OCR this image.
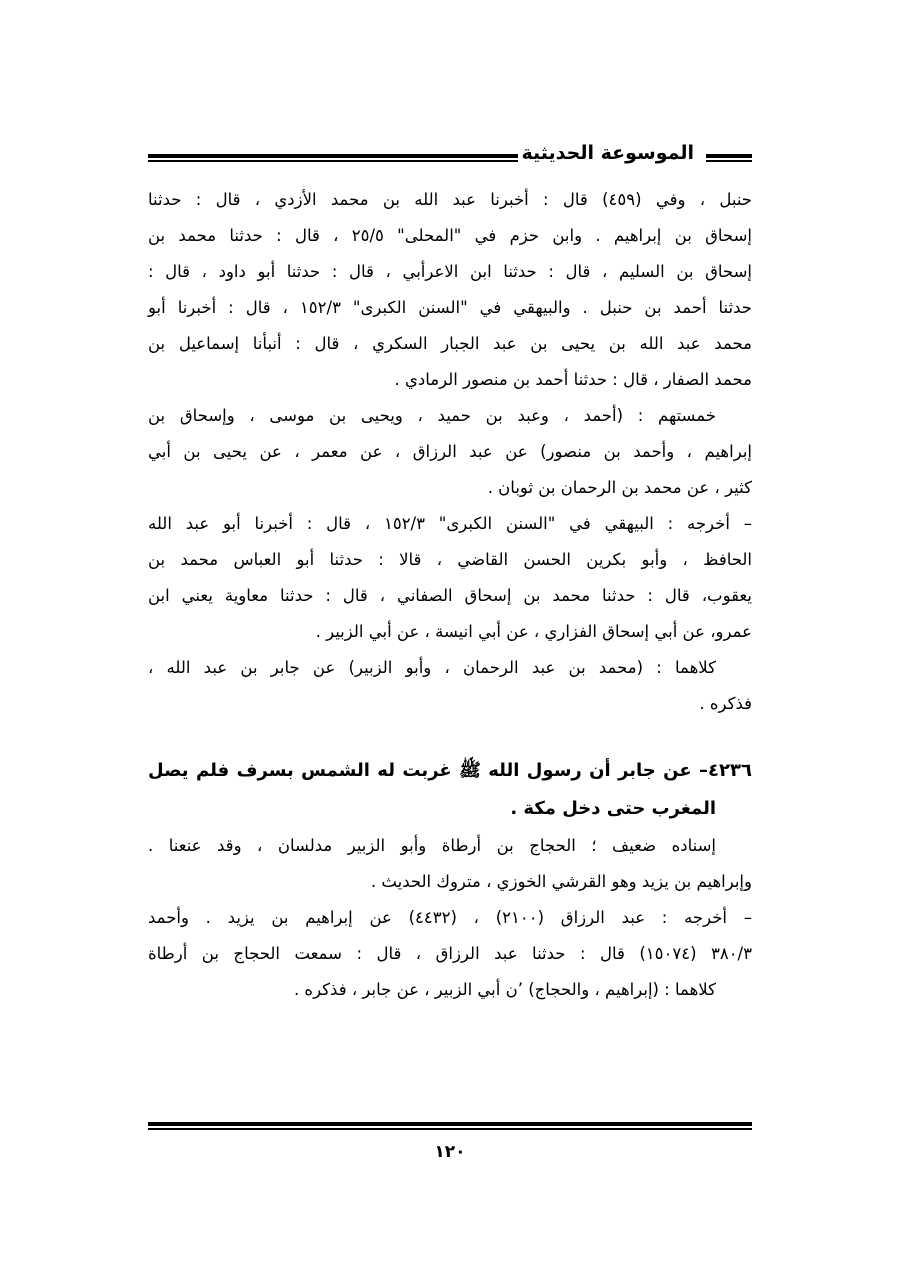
الموسوعة الحديثية
حنبل ، وفي (٤٥٩) قال : أخبرنا عبد الله بن محمد الأزدي ، قال : حدثنا
إسحاق بن إبراهيم . وابن حزم في "المحلى" ٢٥/٥ ، قال : حدثنا محمد بن
إسحاق بن السليم ، قال : حدثنا ابن الاعرأبي ، قال : حدثنا أبو داود ، قال :
حدثنا أحمد بن حنبل . والبيهقي في "السنن الكبرى" ١٥٢/٣ ، قال : أخبرنا أبو
محمد عبد الله بن يحيى بن عبد الجبار السكري ، قال : أنبأنا إسماعيل بن
محمد الصفار ، قال : حدثنا أحمد بن منصور الرمادي .
خمستهم : (أحمد ، وعبد بن حميد ، ويحيى بن موسى ، وإسحاق بن
إبراهيم ، وأحمد بن منصور) عن عبد الرزاق ، عن معمر ، عن يحيى بن أبي
كثير ، عن محمد بن الرحمان بن ثوبان .
– أخرجه : البيهقي في "السنن الكبرى" ١٥٢/٣ ، قال : أخبرنا أبو عبد الله
الحافظ ، وأبو بكرين الحسن القاضي ، قالا : حدثنا أبو العباس محمد بن
يعقوب، قال : حدثنا محمد بن إسحاق الصفاني ، قال : حدثنا معاوية يعني ابن
عمرو، عن أبي إسحاق الفزاري ، عن أبي انيسة ، عن أبي الزبير .
كلاهما : (محمد بن عبد الرحمان ، وأبو الزبير) عن جابر بن عبد الله ،
فذكره .
٤٢٣٦– عن جابر أن رسول الله ﷺ غربت له الشمس بسرف فلم يصل
المغرب حتى دخل مكة .
إسناده ضعيف ؛ الحجاج بن أرطاة وأبو الزبير مدلسان ، وقد عنعنا .
وإبراهيم بن يزيد وهو القرشي الخوزي ، متروك الحديث .
– أخرجه : عبد الرزاق (٢١٠٠) ، (٤٤٣٢) عن إبراهيم بن يزيد . وأحمد
٣٨٠/٣ (١٥٠٧٤) قال : حدثنا عبد الرزاق ، قال : سمعت الحجاج بن أرطاة
كلاهما : (إبراهيم ، والحجاج) ’ن أبي الزبير ، عن جابر ، فذكره .
١٢٠
